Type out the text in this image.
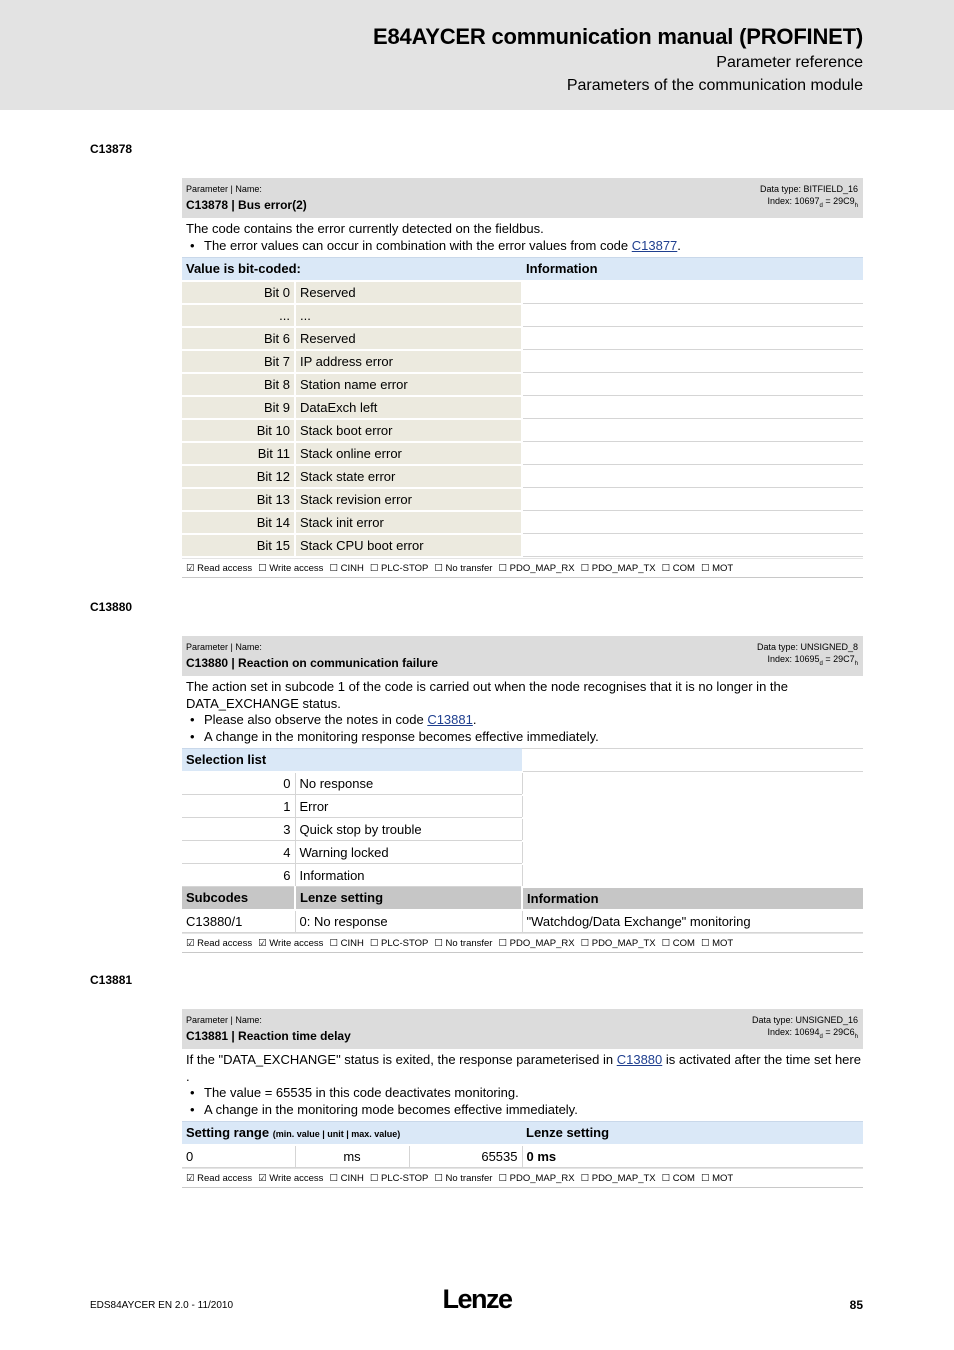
E84AYCER communication manual (PROFINET)
Parameter reference
Parameters of the communication module
C13878
Parameter | Name:
C13878 | Bus error(2)
Data type: BITFIELD_16
Index: $10697_d = 29C9_h$
The code contains the error currently detected on the fieldbus.
• The error values can occur in combination with the error values from code C13877.
Value is bit-coded:		Information
Bit 0	Reserved	
...	...	
Bit 6	Reserved	
Bit 7	IP address error	
Bit 8	Station name error	
Bit 9	DataExch left	
Bit 10	Stack boot error	
Bit 11	Stack online error	
Bit 12	Stack state error	
Bit 13	Stack revision error	
Bit 14	Stack init error	
Bit 15	Stack CPU boot error	
☑ Read access ☐ Write access ☐ CINH ☐ PLC-STOP ☐ No transfer ☐ PDO_MAP_RX ☐ PDO_MAP_TX ☐ COM ☐ MOT
C13880
Parameter | Name:
C13880 | Reaction on communication failure
Data type: UNSIGNED_8
Index: $10695_d = 29C7_h$
The action set in subcode 1 of the code is carried out when the node recognises that it is no longer in the DATA_EXCHANGE status.
• Please also observe the notes in code C13881.
• A change in the monitoring response becomes effective immediately.
Selection list		
0	No response	
1	Error	
3	Quick stop by trouble	
4	Warning locked	
6	Information	
Subcodes	Lenze setting	Information
C13880/1	0: No response	"Watchdog/Data Exchange" monitoring
☑ Read access ☑ Write access ☐ CINH ☐ PLC-STOP ☐ No transfer ☐ PDO_MAP_RX ☐ PDO_MAP_TX ☐ COM ☐ MOT
C13881
Parameter | Name:
C13881 | Reaction time delay
Data type: UNSIGNED_16
Index: $10694_d = 29C6_h$
If the "DATA_EXCHANGE" status is exited, the response parameterised in C13880 is activated after the time set here
.
• The value = 65535 in this code deactivates monitoring.
• A change in the monitoring mode becomes effective immediately.
Setting range (min. value | unit | max. value)			Lenze setting
0	ms	65535	0 ms
☑ Read access ☑ Write access ☐ CINH ☐ PLC-STOP ☐ No transfer ☐ PDO_MAP_RX ☐ PDO_MAP_TX ☐ COM ☐ MOT
EDS84AYCER EN 2.0 - 11/2010	Lenze	85
